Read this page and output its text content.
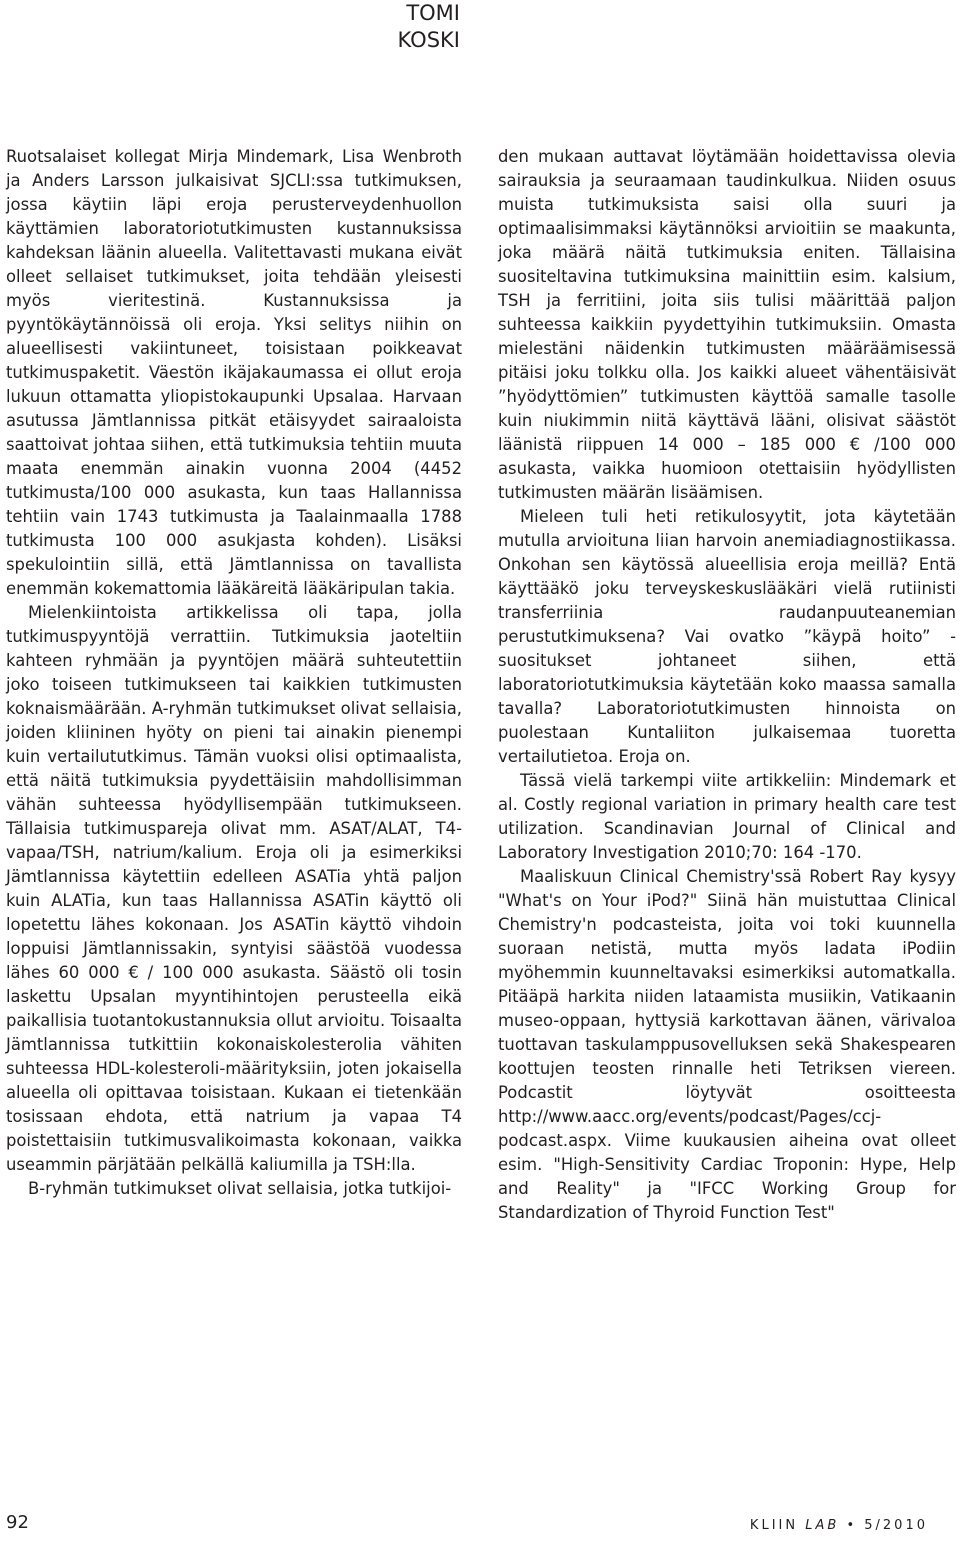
TOMI
KOSKI

Ruotsalaiset kollegat Mirja Mindemark, Lisa Wenbroth ja Anders Larsson julkaisivat SJCLI:ssa tutkimuksen, jossa käytiin läpi eroja perusterveydenhuollon käyttämien laboratoriotutkimusten kustannuksissa kahdeksan läänin alueella. Valitettavasti mukana eivät olleet sellaiset tutkimukset, joita tehdään yleisesti myös vieritestinä. Kustannuksissa ja pyyntökäytännöissä oli eroja. Yksi selitys niihin on alueellisesti vakiintuneet, toisistaan poikkeavat tutkimuspaketit. Väestön ikäjakaumassa ei ollut eroja lukuun ottamatta yliopistokaupunki Upsalaa. Harvaan asutussa Jämtlannissa pitkät etäisyydet sairaaloista saattoivat johtaa siihen, että tutkimuksia tehtiin muuta maata enemmän ainakin vuonna 2004 (4452 tutkimusta/100 000 asukasta, kun taas Hallannissa tehtiin vain 1743 tutkimusta ja Taalainmaalla 1788 tutkimusta 100 000 asukjasta kohden). Lisäksi spekulointiin sillä, että Jämtlannissa on tavallista enemmän kokemattomia lääkäreitä lääkäripulan takia.

Mielenkiintoista artikkelissa oli tapa, jolla tutkimuspyyntöjä verrattiin. Tutkimuksia jaoteltiin kahteen ryhmään ja pyyntöjen määrä suhteutettiin joko toiseen tutkimukseen tai kaikkien tutkimusten koknaismäärään. A-ryhmän tutkimukset olivat sellaisia, joiden kliininen hyöty on pieni tai ainakin pienempi kuin vertailututkimus. Tämän vuoksi olisi optimaalista, että näitä tutkimuksia pyydettäisiin mahdollisimman vähän suhteessa hyödyllisempään tutkimukseen. Tällaisia tutkimuspareja olivat mm. ASAT/ALAT, T4-vapaa/TSH, natrium/kalium. Eroja oli ja esimerkiksi Jämtlannissa käytettiin edelleen ASATia yhtä paljon kuin ALATia, kun taas Hallannissa ASATin käyttö oli lopetettu lähes kokonaan. Jos ASATin käyttö vihdoin loppuisi Jämtlannissakin, syntyisi säästöä vuodessa lähes 60 000 € / 100 000 asukasta. Säästö oli tosin laskettu Upsalan myyntihintojen perusteella eikä paikallisia tuotantokustannuksia ollut arvioitu. Toisaalta Jämtlannissa tutkittiin kokonaiskolesterolia vähiten suhteessa HDL-kolesteroli-määrityksiin, joten jokaisella alueella oli opittavaa toisistaan. Kukaan ei tietenkään tosissaan ehdota, että natrium ja vapaa T4 poistettaisiin tutkimusvalikoimasta kokonaan, vaikka useammin pärjätään pelkällä kaliumilla ja TSH:lla.

B-ryhmän tutkimukset olivat sellaisia, jotka tutkijoi-

den mukaan auttavat löytämään hoidettavissa olevia sairauksia ja seuraamaan taudinkulkua. Niiden osuus muista tutkimuksista saisi olla suuri ja optimaalisimmaksi käytännöksi arvioitiin se maakunta, joka määrä näitä tutkimuksia eniten. Tällaisina suositeltavina tutkimuksina mainittiin esim. kalsium, TSH ja ferritiini, joita siis tulisi määrittää paljon suhteessa kaikkiin pyydettyihin tutkimuksiin. Omasta mielestäni näidenkin tutkimusten määräämisessä pitäisi joku tolkku olla. Jos kaikki alueet vähentäisivät ”hyödyttömien” tutkimusten käyttöä samalle tasolle kuin niukimmin niitä käyttävä lääni, olisivat säästöt läänistä riippuen 14 000 – 185 000 € /100 000 asukasta, vaikka huomioon otettaisiin hyödyllisten tutkimusten määrän lisäämisen.

Mieleen tuli heti retikulosyytit, jota käytetään mutulla arvioituna liian harvoin anemiadiagnostiikassa. Onkohan sen käytössä alueellisia eroja meillä? Entä käyttääkö joku terveyskeskuslääkäri vielä rutiinisti transferriinia raudanpuuteanemian perustutkimuksena? Vai ovatko ”käypä hoito” -suositukset johtaneet siihen, että laboratoriotutkimuksia käytetään koko maassa samalla tavalla? Laboratoriotutkimusten hinnoista on puolestaan Kuntaliiton julkaisemaa tuoretta vertailutietoa. Eroja on.

Tässä vielä tarkempi viite artikkeliin: Mindemark et al. Costly regional variation in primary health care test utilization. Scandinavian Journal of Clinical and Laboratory Investigation 2010;70: 164 -170.

Maaliskuun Clinical Chemistry'ssä Robert Ray kysyy "What's on Your iPod?" Siinä hän muistuttaa Clinical Chemistry'n podcasteista, joita voi toki kuunnella suoraan netistä, mutta myös ladata iPodiin myöhemmin kuunneltavaksi esimerkiksi automatkalla. Pitääpä harkita niiden lataamista musiikin, Vatikaanin museo-oppaan, hyttysiä karkottavan äänen, värivaloa tuottavan taskulamppusovelluksen sekä Shakespearen koottujen teosten rinnalle heti Tetriksen viereen. Podcastit löytyvät osoitteesta http://www.aacc.org/events/podcast/Pages/ccj-podcast.aspx. Viime kuukausien aiheina ovat olleet esim. "High-Sensitivity Cardiac Troponin: Hype, Help and Reality" ja "IFCC Working Group for Standardization of Thyroid Function Test"

92	KLIIN LAB • 5/2010
